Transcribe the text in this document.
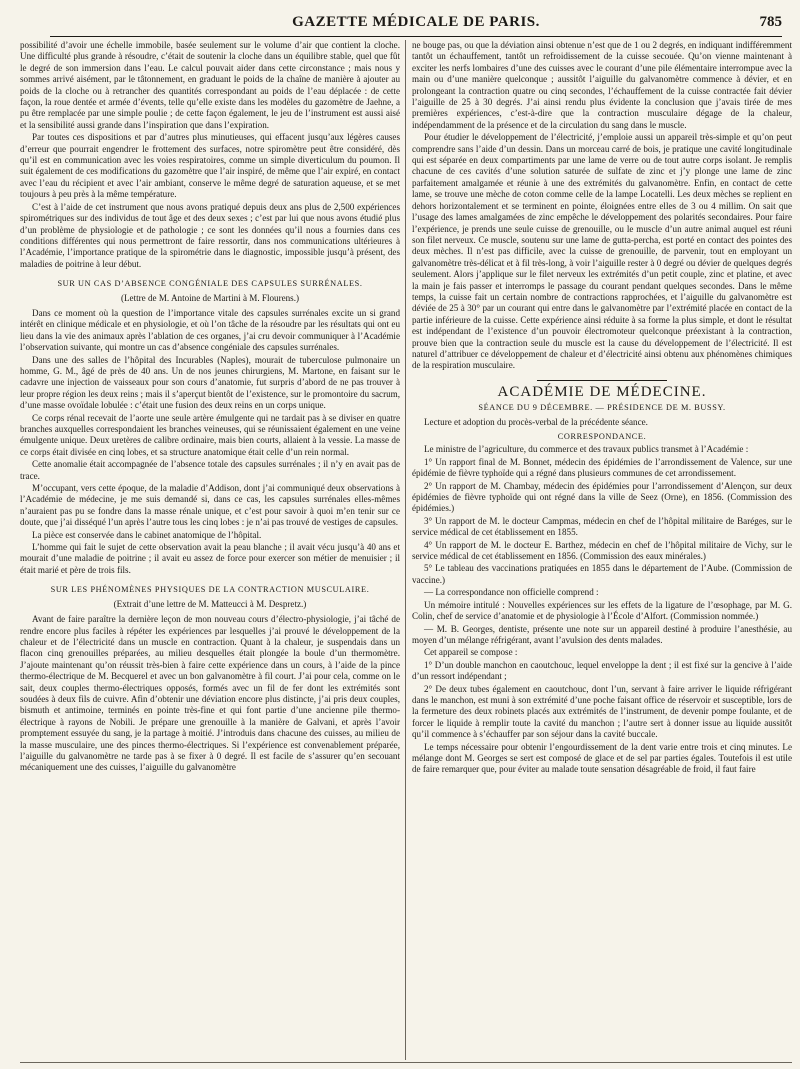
GAZETTE MÉDICALE DE PARIS.	785

possibilité d’avoir une échelle immobile, basée seulement sur le volume d’air que contient la cloche. Une difficulté plus grande à résoudre, c’était de soutenir la cloche dans un équilibre stable, quel que fût le degré de son immersion dans l’eau. Le calcul pouvait aider dans cette circonstance ; mais nous y sommes arrivé aisément, par le tâtonnement, en graduant le poids de la chaîne de manière à ajouter au poids de la cloche ou à retrancher des quantités correspondant au poids de l’eau déplacée : de cette façon, la roue dentée et armée d’évents, telle qu’elle existe dans les modèles du gazomètre de Jaehne, a pu être remplacée par une simple poulie ; de cette façon également, le jeu de l’instrument est aussi aisé et la sensibilité aussi grande dans l’inspiration que dans l’expiration.

Par toutes ces dispositions et par d’autres plus minutieuses, qui effacent jusqu’aux légères causes d’erreur que pourrait engendrer le frottement des surfaces, notre spiromètre peut être considéré, dès qu’il est en communication avec les voies respiratoires, comme un simple diverticulum du poumon. Il suit également de ces modifications du gazomètre que l’air inspiré, de même que l’air expiré, en contact avec l’eau du récipient et avec l’air ambiant, conserve le même degré de saturation aqueuse, et se met toujours à peu près à la même température.

C’est à l’aide de cet instrument que nous avons pratiqué depuis deux ans plus de 2,500 expériences spirométriques sur des individus de tout âge et des deux sexes ; c’est par lui que nous avons étudié plus d’un problème de physiologie et de pathologie ; ce sont les données qu’il nous a fournies dans ces conditions différentes qui nous permettront de faire ressortir, dans nos communications ultérieures à l’Académie, l’importance pratique de la spirométrie dans le diagnostic, impossible jusqu’à présent, des maladies de poitrine à leur début.

SUR UN CAS D’ABSENCE CONGÉNIALE DES CAPSULES SURRÉNALES.
(Lettre de M. Antoine de Martini à M. Flourens.)

Dans ce moment où la question de l’importance vitale des capsules surrénales excite un si grand intérêt en clinique médicale et en physiologie, et où l’on tâche de la résoudre par les résultats qui ont eu lieu dans la vie des animaux après l’ablation de ces organes, j’ai cru devoir communiquer à l’Académie l’observation suivante, qui montre un cas d’absence congéniale des capsules surrénales.

Dans une des salles de l’hôpital des Incurables (Naples), mourait de tuberculose pulmonaire un homme, G. M., âgé de près de 40 ans. Un de nos jeunes chirurgiens, M. Martone, en faisant sur le cadavre une injection de vaisseaux pour son cours d’anatomie, fut surpris d’abord de ne pas trouver à leur propre région les deux reins ; mais il s’aperçut bientôt de l’existence, sur le promontoire du sacrum, d’une masse ovoïdale lobulée : c’était une fusion des deux reins en un corps unique.

Ce corps rénal recevait de l’aorte une seule artère émulgente qui ne tardait pas à se diviser en quatre branches auxquelles correspondaient les branches veineuses, qui se réunissaient également en une veine émulgente unique. Deux uretères de calibre ordinaire, mais bien courts, allaient à la vessie. La masse de ce corps était divisée en cinq lobes, et sa structure anatomique était celle d’un rein normal.

Cette anomalie était accompagnée de l’absence totale des capsules surrénales ; il n’y en avait pas de trace.

M’occupant, vers cette époque, de la maladie d’Addison, dont j’ai communiqué deux observations à l’Académie de médecine, je me suis demandé si, dans ce cas, les capsules surrénales elles-mêmes n’auraient pas pu se fondre dans la masse rénale unique, et c’est pour savoir à quoi m’en tenir sur ce doute, que j’ai disséqué l’un après l’autre tous les cinq lobes : je n’ai pas trouvé de vestiges de capsules.

La pièce est conservée dans le cabinet anatomique de l’hôpital.

L’homme qui fait le sujet de cette observation avait la peau blanche ; il avait vécu jusqu’à 40 ans et mourait d’une maladie de poitrine ; il avait eu assez de force pour exercer son métier de menuisier ; il était marié et père de trois fils.

SUR LES PHÉNOMÈNES PHYSIQUES DE LA CONTRACTION MUSCULAIRE.
(Extrait d’une lettre de M. Matteucci à M. Despretz.)

Avant de faire paraître la dernière leçon de mon nouveau cours d’électro-physiologie, j’ai tâché de rendre encore plus faciles à répéter les expériences par lesquelles j’ai prouvé le développement de la chaleur et de l’électricité dans un muscle en contraction. Quant à la chaleur, je suspendais dans un flacon cinq grenouilles préparées, au milieu desquelles était plongée la boule d’un thermomètre. J’ajoute maintenant qu’on réussit très-bien à faire cette expérience dans un cours, à l’aide de la pince thermo-électrique de M. Becquerel et avec un bon galvanomètre à fil court. J’ai pour cela, comme on le sait, deux couples thermo-électriques opposés, formés avec un fil de fer dont les extrémités sont soudées à deux fils de cuivre. Afin d’obtenir une déviation encore plus distincte, j’ai pris deux couples, bismuth et antimoine, terminés en pointe très-fine et qui font partie d’une ancienne pile thermo-électrique à rayons de Nobili. Je prépare une grenouille à la manière de Galvani, et après l’avoir promptement essuyée du sang, je la partage à moitié. J’introduis dans chacune des cuisses, au milieu de la masse musculaire, une des pinces thermo-électriques. Si l’expérience est convenablement préparée, l’aiguille du galvanomètre ne tarde pas à se fixer à 0 degré. Il est facile de s’assurer qu’en secouant mécaniquement une des cuisses, l’aiguille du galvanomètre

ne bouge pas, ou que la déviation ainsi obtenue n’est que de 1 ou 2 degrés, en indiquant indifféremment tantôt un échauffement, tantôt un refroidissement de la cuisse secouée. Qu’on vienne maintenant à exciter les nerfs lombaires d’une des cuisses avec le courant d’une pile élémentaire interrompue avec la main ou d’une manière quelconque ; aussitôt l’aiguille du galvanomètre commence à dévier, et en prolongeant la contraction quatre ou cinq secondes, l’échauffement de la cuisse contractée fait dévier l’aiguille de 25 à 30 degrés. J’ai ainsi rendu plus évidente la conclusion que j’avais tirée de mes premières expériences, c’est-à-dire que la contraction musculaire dégage de la chaleur, indépendamment de la présence et de la circulation du sang dans le muscle.

Pour étudier le développement de l’électricité, j’emploie aussi un appareil très-simple et qu’on peut comprendre sans l’aide d’un dessin. Dans un morceau carré de bois, je pratique une cavité longitudinale qui est séparée en deux compartiments par une lame de verre ou de tout autre corps isolant. Je remplis chacune de ces cavités d’une solution saturée de sulfate de zinc et j’y plonge une lame de zinc parfaitement amalgamée et réunie à une des extrémités du galvanomètre. Enfin, en contact de cette lame, se trouve une mèche de coton comme celle de la lampe Locatelli. Les deux mèches se replient en dehors horizontalement et se terminent en pointe, éloignées entre elles de 3 ou 4 millim. On sait que l’usage des lames amalgamées de zinc empêche le développement des polarités secondaires. Pour faire l’expérience, je prends une seule cuisse de grenouille, ou le muscle d’un autre animal auquel est réuni son filet nerveux. Ce muscle, soutenu sur une lame de gutta-percha, est porté en contact des pointes des deux mèches. Il n’est pas difficile, avec la cuisse de grenouille, de parvenir, tout en employant un galvanomètre très-délicat et à fil très-long, à voir l’aiguille rester à 0 degré ou dévier de quelques degrés seulement. Alors j’applique sur le filet nerveux les extrémités d’un petit couple, zinc et platine, et avec la main je fais passer et interromps le passage du courant pendant quelques secondes. Dans le même temps, la cuisse fait un certain nombre de contractions rapprochées, et l’aiguille du galvanomètre est déviée de 25 à 30° par un courant qui entre dans le galvanomètre par l’extrémité placée en contact de la partie inférieure de la cuisse. Cette expérience ainsi réduite à sa forme la plus simple, et dont le résultat est indépendant de l’existence d’un pouvoir électromoteur quelconque préexistant à la contraction, prouve bien que la contraction seule du muscle est la cause du développement de l’électricité. Il est naturel d’attribuer ce développement de chaleur et d’électricité ainsi obtenu aux phénomènes chimiques de la respiration musculaire.

ACADÉMIE DE MÉDECINE.
SÉANCE DU 9 DÉCEMBRE. — PRÉSIDENCE DE M. BUSSY.

Lecture et adoption du procès-verbal de la précédente séance.

CORRESPONDANCE.

Le ministre de l’agriculture, du commerce et des travaux publics transmet à l’Académie :

1° Un rapport final de M. Bonnet, médecin des épidémies de l’arrondissement de Valence, sur une épidémie de fièvre typhoïde qui a régné dans plusieurs communes de cet arrondissement.

2° Un rapport de M. Chambay, médecin des épidémies pour l’arrondissement d’Alençon, sur deux épidémies de fièvre typhoïde qui ont régné dans la ville de Seez (Orne), en 1856. (Commission des épidémies.)

3° Un rapport de M. le docteur Campmas, médecin en chef de l’hôpital militaire de Baréges, sur le service médical de cet établissement en 1855.

4° Un rapport de M. le docteur E. Barthez, médecin en chef de l’hôpital militaire de Vichy, sur le service médical de cet établissement en 1856. (Commission des eaux minérales.)

5° Le tableau des vaccinations pratiquées en 1855 dans le département de l’Aube. (Commission de vaccine.)

— La correspondance non officielle comprend :

Un mémoire intitulé : Nouvelles expériences sur les effets de la ligature de l’œsophage, par M. G. Colin, chef de service d’anatomie et de physiologie à l’École d’Alfort. (Commission nommée.)

— M. B. Georges, dentiste, présente une note sur un appareil destiné à produire l’anesthésie, au moyen d’un mélange réfrigérant, avant l’avulsion des dents malades.

Cet appareil se compose :

1° D’un double manchon en caoutchouc, lequel enveloppe la dent ; il est fixé sur la gencive à l’aide d’un ressort indépendant ;

2° De deux tubes également en caoutchouc, dont l’un, servant à faire arriver le liquide réfrigérant dans le manchon, est muni à son extrémité d’une poche faisant office de réservoir et susceptible, lors de la fermeture des deux robinets placés aux extrémités de l’instrument, de devenir pompe foulante, et de forcer le liquide à remplir toute la cavité du manchon ; l’autre sert à donner issue au liquide aussitôt qu’il commence à s’échauffer par son séjour dans la cavité buccale.

Le temps nécessaire pour obtenir l’engourdissement de la dent varie entre trois et cinq minutes. Le mélange dont M. Georges se sert est composé de glace et de sel par parties égales. Toutefois il est utile de faire remarquer que, pour éviter au malade toute sensation désagréable de froid, il faut faire
